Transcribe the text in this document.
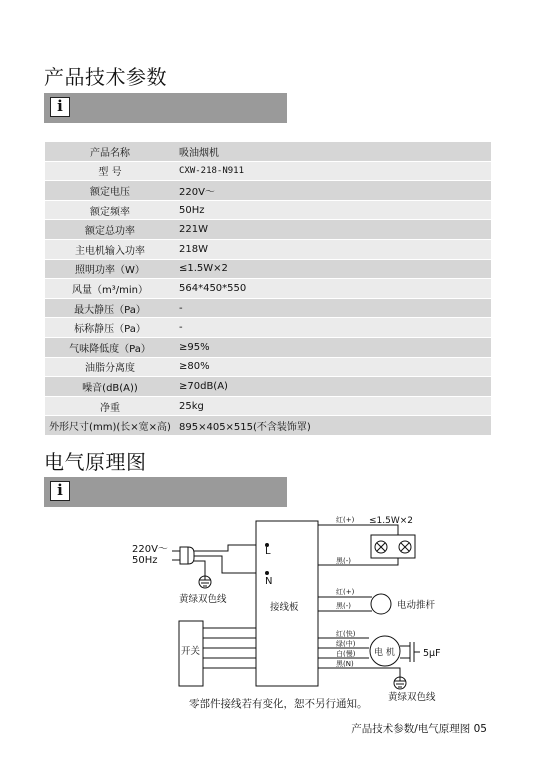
产品技术参数
i
产品名称	吸油烟机
型 号	CXW-218-N911
额定电压	220V～
额定频率	50Hz
额定总功率	221W
主电机输入功率	218W
照明功率（W）	≤1.5W×2
风量（m³/min）	564*450*550
最大静压（Pa）	-
标称静压（Pa）	-
气味降低度（Pa）	≥95%
油脂分离度	≥80%
噪音(dB(A))	≥70dB(A)
净重	25kg
外形尺寸(mm)(长×宽×高)	895×405×515(不含装饰罩)
电气原理图
i
220V～
50Hz
黄绿双色线
L
N
接线板
开关
红(+) ≤1.5W×2
黑(-)
红(+)
黑(-)	电动推杆
红(快)
绿(中)
白(慢)
黑(N)
电 机	5μF
黄绿双色线
零部件接线若有变化，恕不另行通知。
产品技术参数/电气原理图 05
